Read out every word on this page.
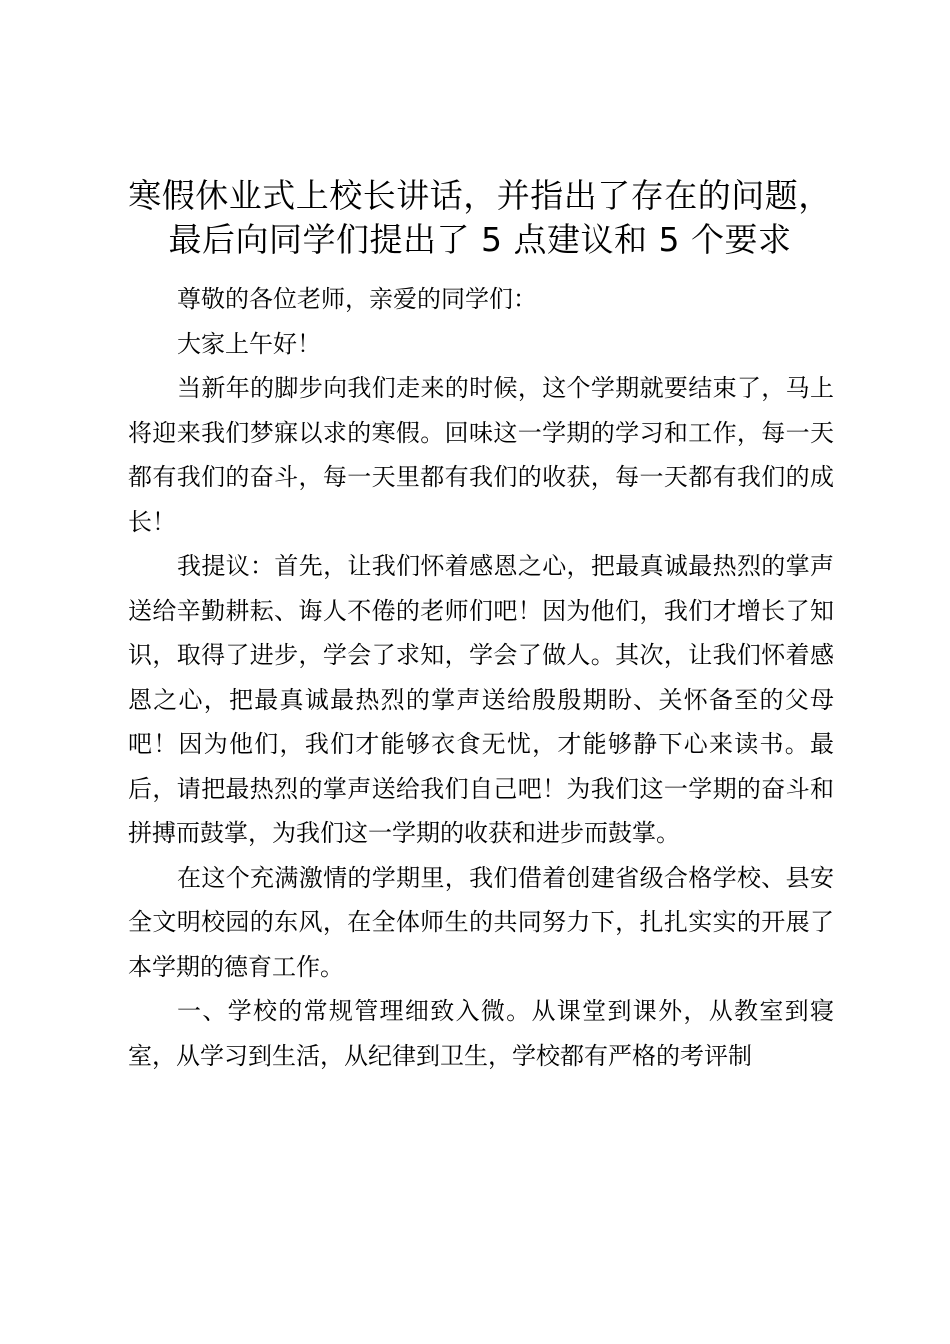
寒假休业式上校长讲话，并指出了存在的问题，
最后向同学们提出了 5 点建议和 5 个要求

尊敬的各位老师，亲爱的同学们：

大家上午好！

当新年的脚步向我们走来的时候，这个学期就要结束了，马上将迎来我们梦寐以求的寒假。回味这一学期的学习和工作，每一天都有我们的奋斗，每一天里都有我们的收获，每一天都有我们的成长！

我提议：首先，让我们怀着感恩之心，把最真诚最热烈的掌声送给辛勤耕耘、诲人不倦的老师们吧！因为他们，我们才增长了知识，取得了进步，学会了求知，学会了做人。其次，让我们怀着感恩之心，把最真诚最热烈的掌声送给殷殷期盼、关怀备至的父母吧！因为他们，我们才能够衣食无忧，才能够静下心来读书。最后，请把最热烈的掌声送给我们自己吧！为我们这一学期的奋斗和拼搏而鼓掌，为我们这一学期的收获和进步而鼓掌。

在这个充满激情的学期里，我们借着创建省级合格学校、县安全文明校园的东风，在全体师生的共同努力下，扎扎实实的开展了本学期的德育工作。

一、学校的常规管理细致入微。从课堂到课外，从教室到寝室，从学习到生活，从纪律到卫生，学校都有严格的考评制
